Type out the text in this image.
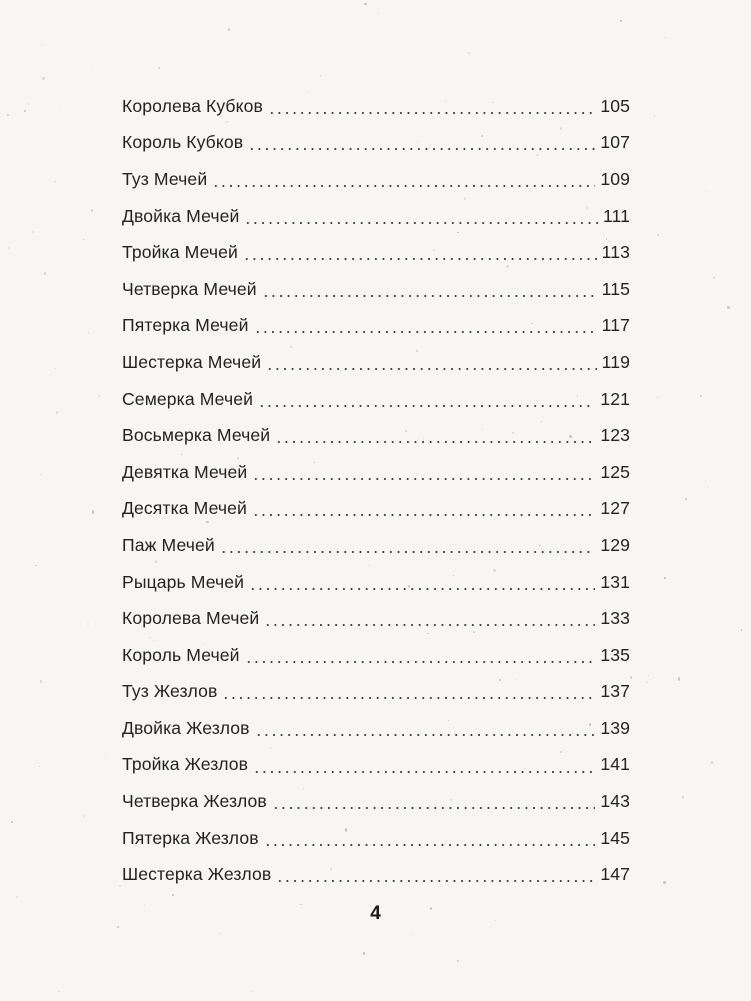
Королева Кубков	105
Король Кубков	107
Туз Мечей	109
Двойка Мечей	111
Тройка Мечей	113
Четверка Мечей	115
Пятерка Мечей	117
Шестерка Мечей	119
Семерка Мечей	121
Восьмерка Мечей	123
Девятка Мечей	125
Десятка Мечей	127
Паж Мечей	129
Рыцарь Мечей	131
Королева Мечей	133
Король Мечей	135
Туз Жезлов	137
Двойка Жезлов	139
Тройка Жезлов	141
Четверка Жезлов	143
Пятерка Жезлов	145
Шестерка Жезлов	147
4
